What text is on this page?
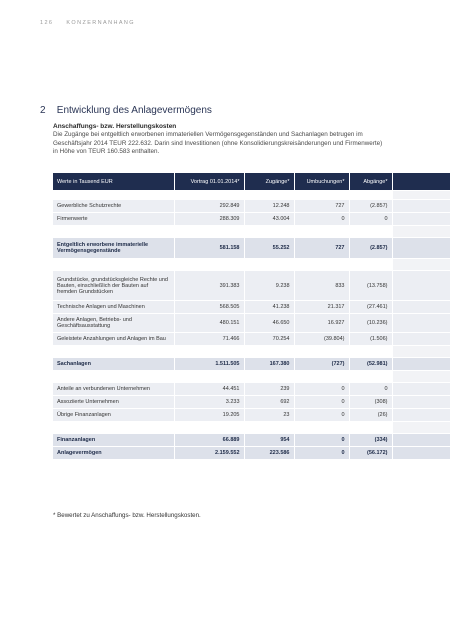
126 KONZERNANHANG
2 Entwicklung des Anlagevermögens
Anschaffungs- bzw. Herstellungskosten
Die Zugänge bei entgeltlich erworbenen immateriellen Vermögensgegenständen und Sachanlagen betrugen im Geschäftsjahr 2014 TEUR 222.632. Darin sind Investitionen (ohne Konsolidierungskreisänderungen und Firmenwerte) in Höhe von TEUR 160.583 enthalten.
Werte in Tausend EUR	Vortrag 01.01.2014*	Zugänge*	Umbuchungen*	Abgänge*	

Gewerbliche Schutzrechte	292.849	12.248	727	(2.857)	
Firmenwerte	288.309	43.004	0	0	

Entgeltlich erworbene immaterielle Vermögensgegenstände	581.158	55.252	727	(2.857)	

Grundstücke, grundstücksgleiche Rechte und Bauten, einschließlich der Bauten auf fremden Grundstücken	391.383	9.238	833	(13.758)	
Technische Anlagen und Maschinen	568.505	41.238	21.317	(27.461)	
Andere Anlagen, Betriebs- und Geschäftsausstattung	480.151	46.650	16.927	(10.236)	
Geleistete Anzahlungen und Anlagen im Bau	71.466	70.254	(39.804)	(1.506)	

Sachanlagen	1.511.505	167.380	(727)	(52.981)	

Anteile an verbundenen Unternehmen	44.451	239	0	0	
Assoziierte Unternehmen	3.233	692	0	(308)	
Übrige Finanzanlagen	19.205	23	0	(26)	

Finanzanlagen	66.889	954	0	(334)	
Anlagevermögen	2.159.552	223.586	0	(56.172)	
* Bewertet zu Anschaffungs- bzw. Herstellungskosten.
